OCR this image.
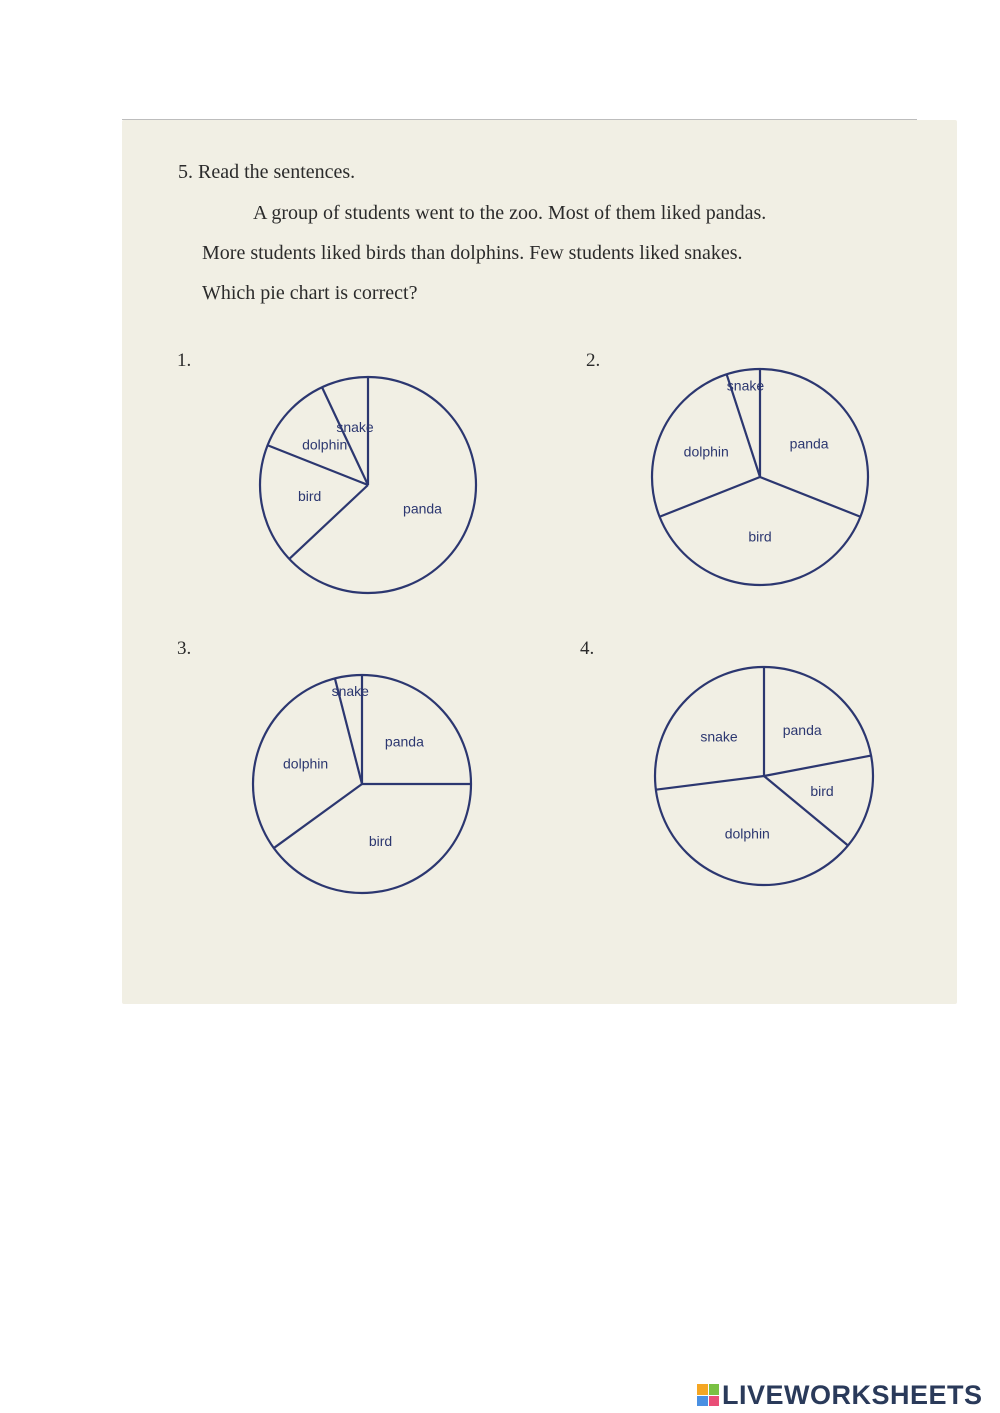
5. Read the sentences.
A group of students went to the zoo. Most of them liked pandas.
More students liked birds than dolphins. Few students liked snakes.
Which pie chart is correct?
1.	2.
3.	4.
panda
bird
dolphin
snake
panda
bird
dolphin
snake
panda
bird
dolphin
snake
panda
bird
dolphin
snake
LIVEWORKSHEETS
